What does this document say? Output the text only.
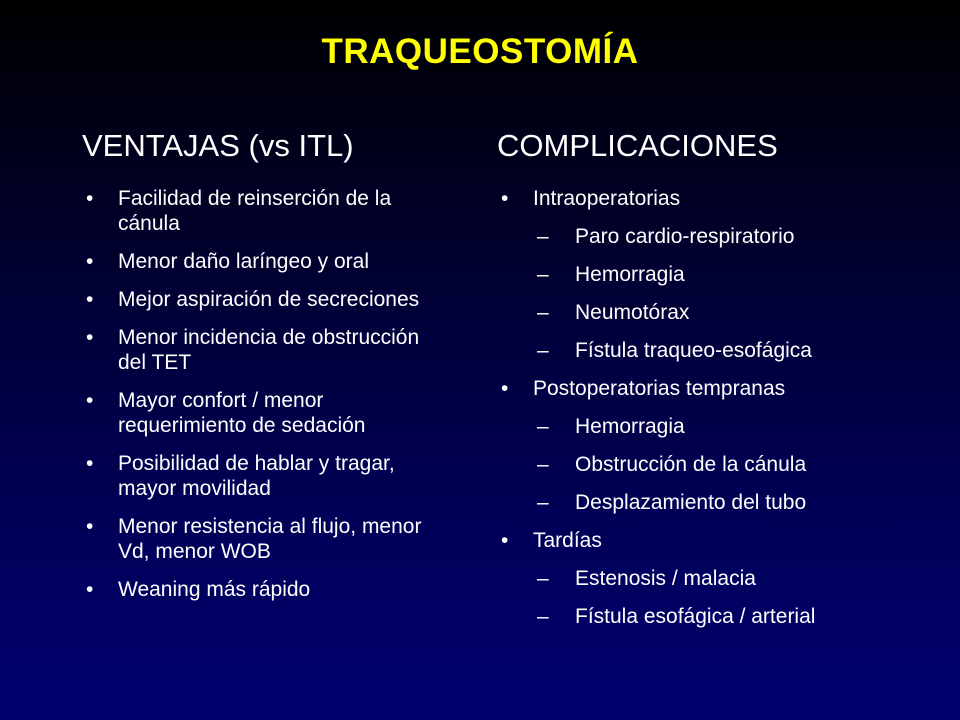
TRAQUEOSTOMÍA
VENTAJAS (vs ITL)
• Facilidad de reinserción de la cánula
• Menor daño laríngeo y oral
• Mejor aspiración de secreciones
• Menor incidencia de obstrucción del TET
• Mayor confort / menor requerimiento de sedación
• Posibilidad de hablar y tragar, mayor movilidad
• Menor resistencia al flujo, menor Vd, menor WOB
• Weaning más rápido
COMPLICACIONES
• Intraoperatorias
– Paro cardio-respiratorio
– Hemorragia
– Neumotórax
– Fístula traqueo-esofágica
• Postoperatorias tempranas
– Hemorragia
– Obstrucción de la cánula
– Desplazamiento del tubo
• Tardías
– Estenosis / malacia
– Fístula esofágica / arterial
